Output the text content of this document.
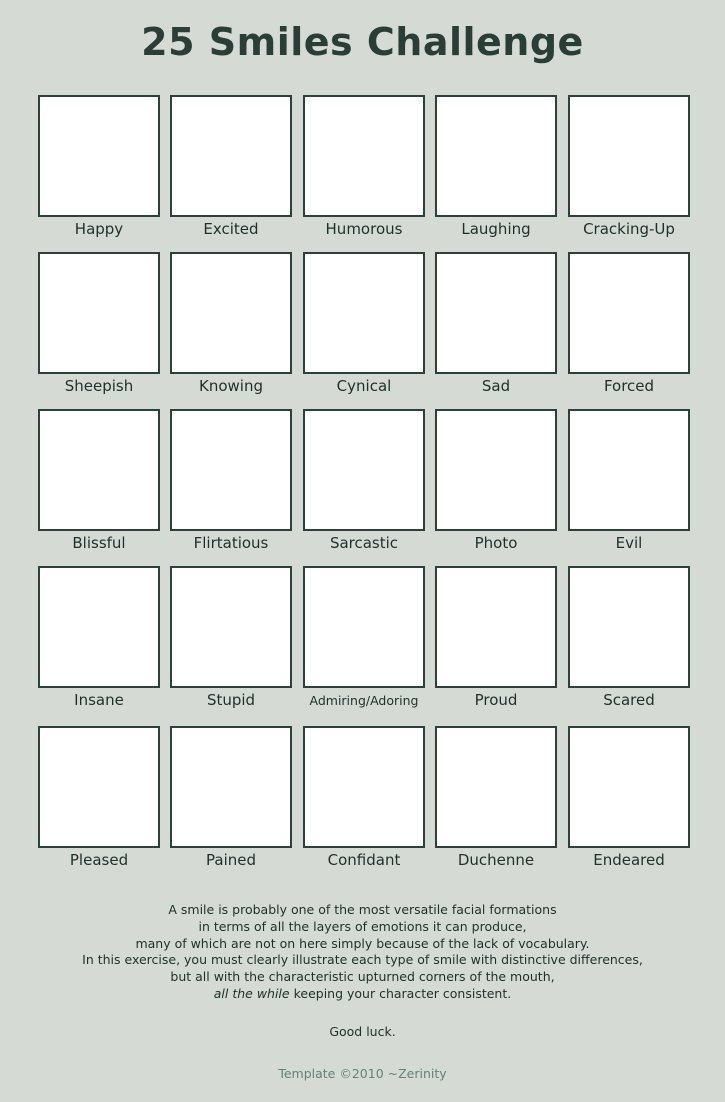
25 Smiles Challenge
Happy	Excited	Humorous	Laughing	Cracking-Up
Sheepish	Knowing	Cynical	Sad	Forced
Blissful	Flirtatious	Sarcastic	Photo	Evil
Insane	Stupid	Admiring/Adoring	Proud	Scared
Pleased	Pained	Confidant	Duchenne	Endeared
A smile is probably one of the most versatile facial formations
in terms of all the layers of emotions it can produce,
many of which are not on here simply because of the lack of vocabulary.
In this exercise, you must clearly illustrate each type of smile with distinctive differences,
but all with the characteristic upturned corners of the mouth,
all the while keeping your character consistent.
Good luck.
Template ©2010 ~Zerinity
